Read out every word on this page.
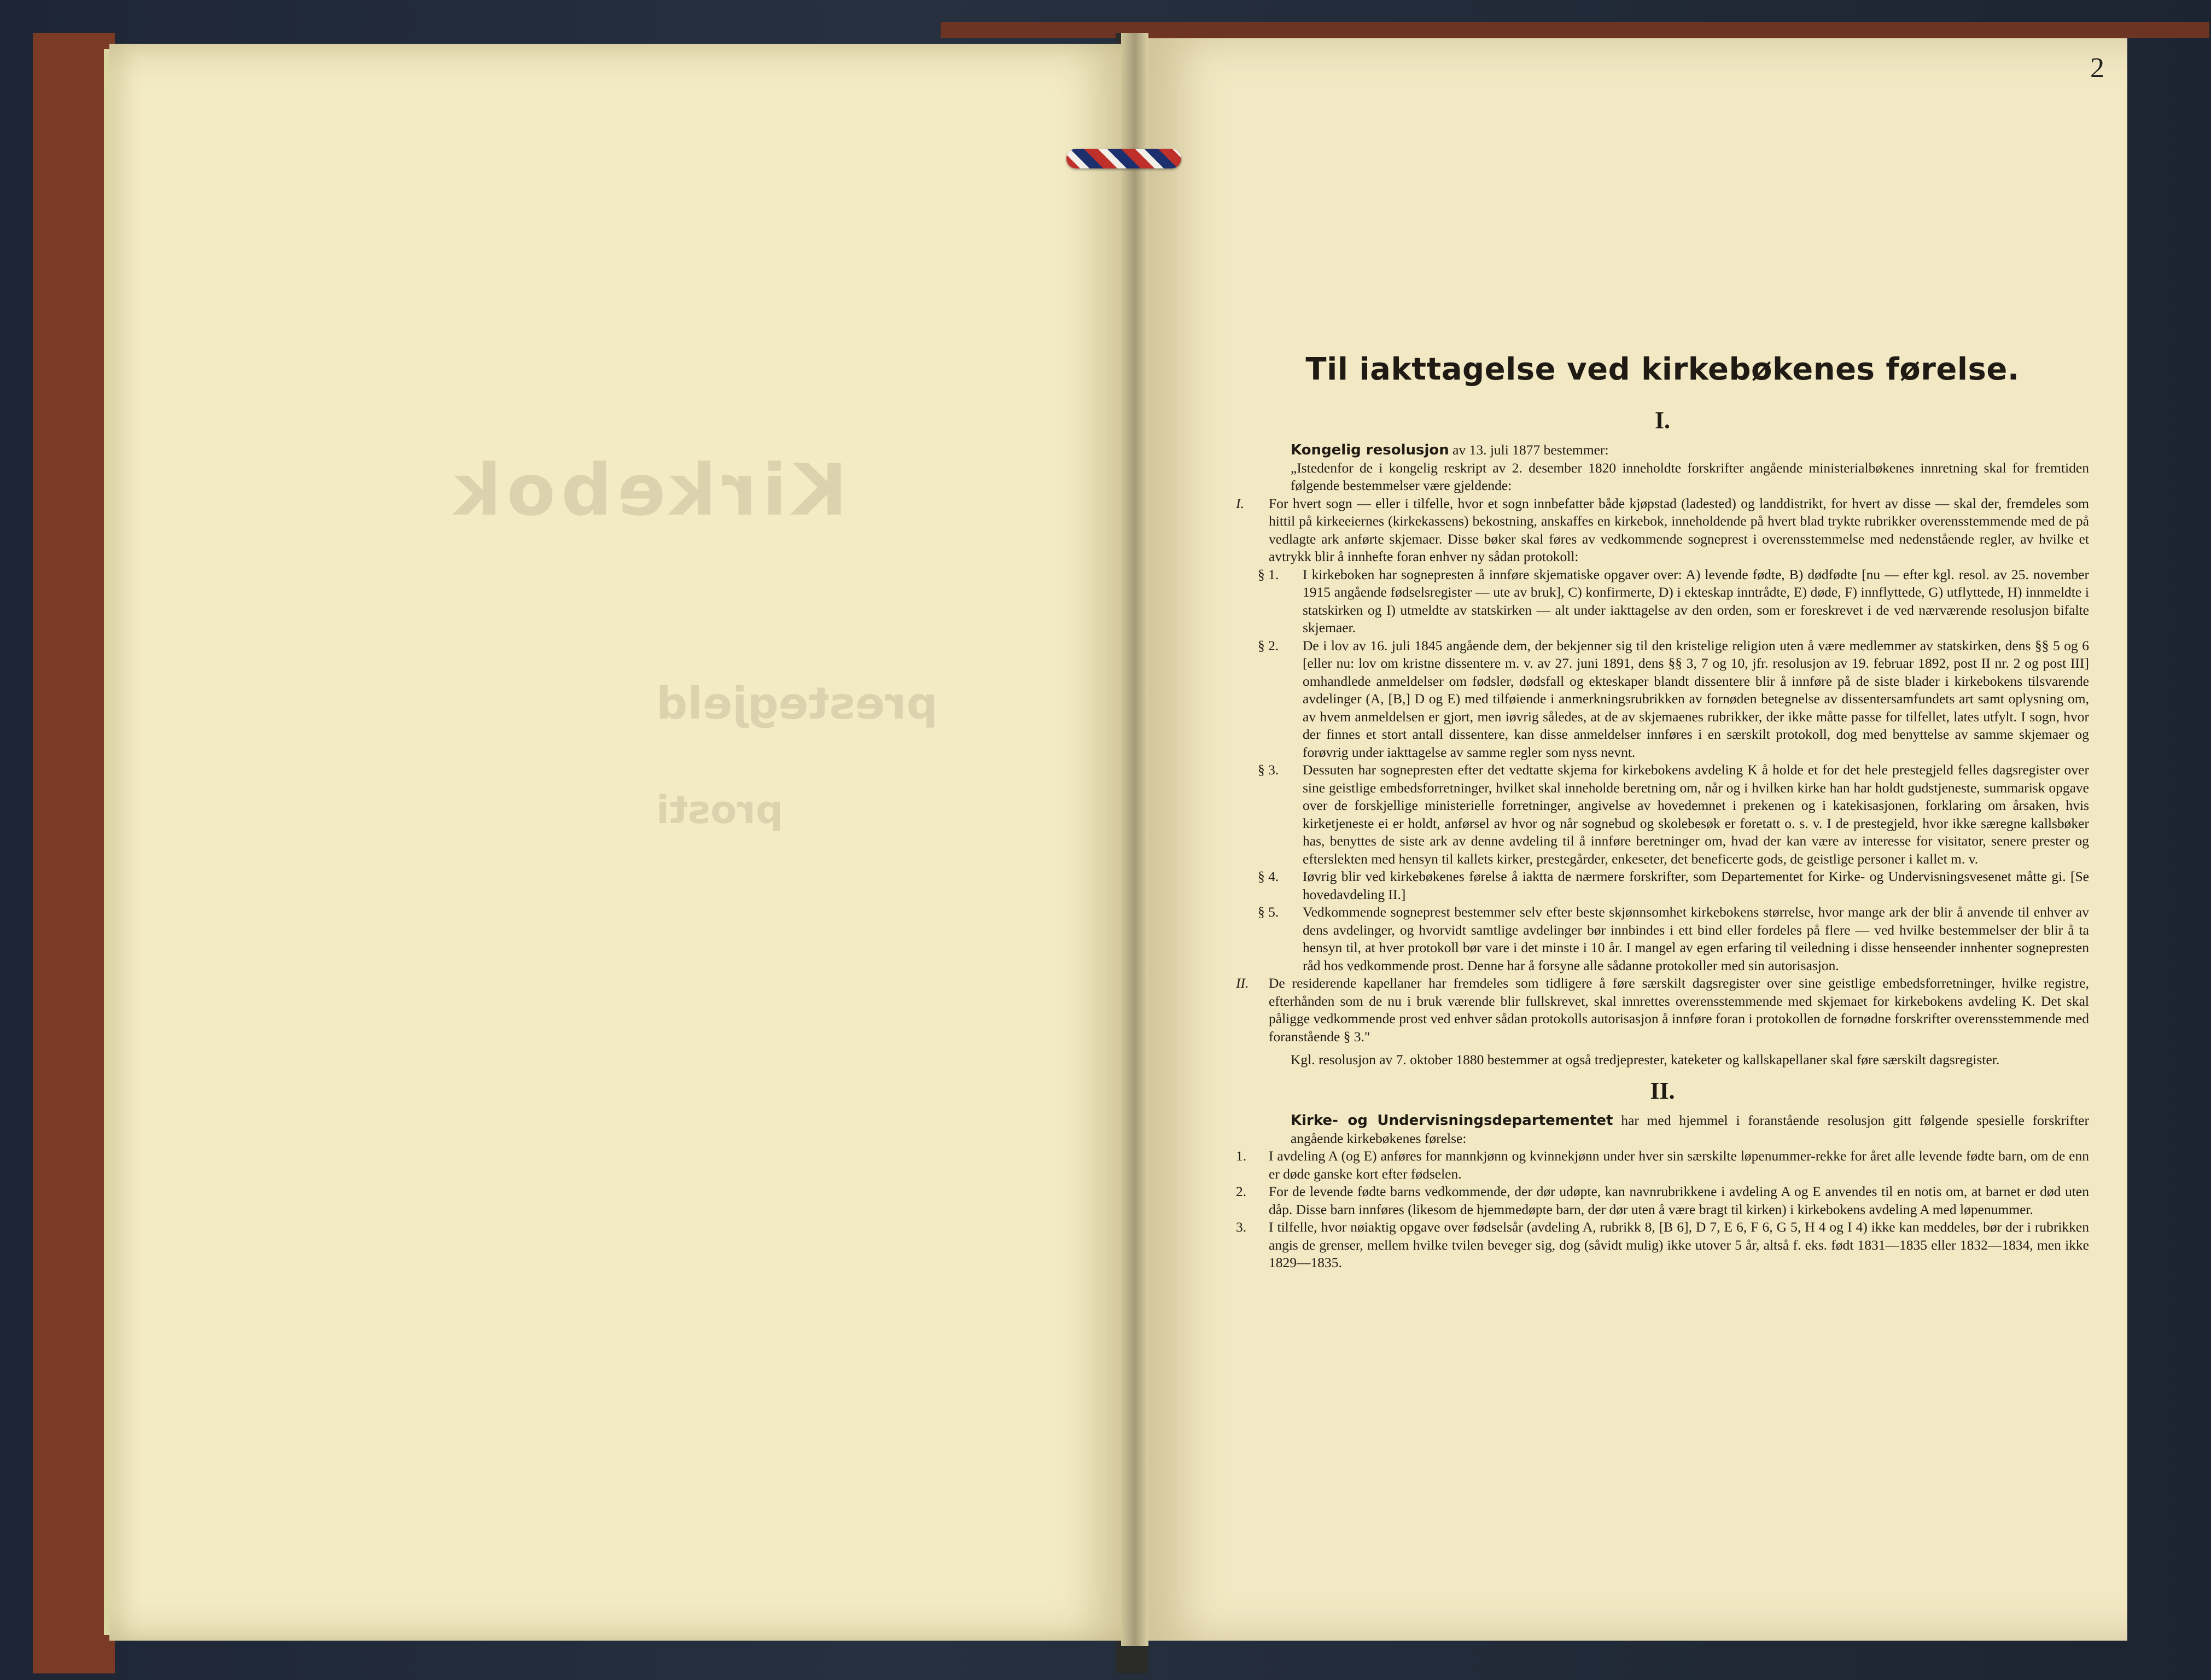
Kirkebok
prestegjeld
prosti
2
Til iakttagelse ved kirkebøkenes førelse.
I.

Kongelig resolusjon av 13. juli 1877 bestemmer:

„Istedenfor de i kongelig reskript av 2. desember 1820 inneholdte forskrifter angående ministerialbøkenes innretning skal for fremtiden følgende bestemmelser være gjeldende:

I.	For hvert sogn — eller i tilfelle, hvor et sogn innbefatter både kjøpstad (ladested) og landdistrikt, for hvert av disse — skal der, fremdeles som hittil på kirkeeiernes (kirkekassens) bekostning, anskaffes en kirkebok, inneholdende på hvert blad trykte rubrikker overensstemmende med de på vedlagte ark anførte skjemaer. Disse bøker skal føres av vedkommende sogneprest i overensstemmelse med nedenstående regler, av hvilke et avtrykk blir å innhefte foran enhver ny sådan protokoll:
§ 1.	I kirkeboken har sognepresten å innføre skjematiske opgaver over: A) levende fødte, B) dødfødte [nu — efter kgl. resol. av 25. november 1915 angående fødselsregister — ute av bruk], C) konfirmerte, D) i ekteskap inntrådte, E) døde, F) innflyttede, G) utflyttede, H) innmeldte i statskirken og I) utmeldte av statskirken — alt under iakttagelse av den orden, som er foreskrevet i de ved nærværende resolusjon bifalte skjemaer.
§ 2.	De i lov av 16. juli 1845 angående dem, der bekjenner sig til den kristelige religion uten å være medlemmer av statskirken, dens §§ 5 og 6 [eller nu: lov om kristne dissentere m. v. av 27. juni 1891, dens §§ 3, 7 og 10, jfr. resolusjon av 19. februar 1892, post II nr. 2 og post III] omhandlede anmeldelser om fødsler, dødsfall og ekteskaper blandt dissentere blir å innføre på de siste blader i kirkebokens tilsvarende avdelinger (A, [B,] D og E) med tilføiende i anmerkningsrubrikken av fornøden betegnelse av dissentersamfundets art samt oplysning om, av hvem anmeldelsen er gjort, men iøvrig således, at de av skjemaenes rubrikker, der ikke måtte passe for tilfellet, lates utfylt. I sogn, hvor der finnes et stort antall dissentere, kan disse anmeldelser innføres i en særskilt protokoll, dog med benyttelse av samme skjemaer og forøvrig under iakttagelse av samme regler som nyss nevnt.
§ 3.	Dessuten har sognepresten efter det vedtatte skjema for kirkebokens avdeling K å holde et for det hele prestegjeld felles dagsregister over sine geistlige embedsforretninger, hvilket skal inneholde beretning om, når og i hvilken kirke han har holdt gudstjeneste, summarisk opgave over de forskjellige ministerielle forretninger, angivelse av hovedemnet i prekenen og i katekisasjonen, forklaring om årsaken, hvis kirketjeneste ei er holdt, anførsel av hvor og når sognebud og skolebesøk er foretatt o. s. v. I de prestegjeld, hvor ikke særegne kallsbøker has, benyttes de siste ark av denne avdeling til å innføre beretninger om, hvad der kan være av interesse for visitator, senere prester og efterslekten med hensyn til kallets kirker, prestegårder, enkeseter, det beneficerte gods, de geistlige personer i kallet m. v.
§ 4.	Iøvrig blir ved kirkebøkenes førelse å iaktta de nærmere forskrifter, som Departementet for Kirke- og Undervisningsvesenet måtte gi. [Se hovedavdeling II.]
§ 5.	Vedkommende sogneprest bestemmer selv efter beste skjønnsomhet kirkebokens størrelse, hvor mange ark der blir å anvende til enhver av dens avdelinger, og hvorvidt samtlige avdelinger bør innbindes i ett bind eller fordeles på flere — ved hvilke bestemmelser der blir å ta hensyn til, at hver protokoll bør vare i det minste i 10 år. I mangel av egen erfaring til veiledning i disse henseender innhenter sognepresten råd hos vedkommende prost. Denne har å forsyne alle sådanne protokoller med sin autorisasjon.
II.	De residerende kapellaner har fremdeles som tidligere å føre særskilt dagsregister over sine geistlige embedsforretninger, hvilke registre, efterhånden som de nu i bruk værende blir fullskrevet, skal innrettes overensstemmende med skjemaet for kirkebokens avdeling K. Det skal påligge vedkommende prost ved enhver sådan protokolls autorisasjon å innføre foran i protokollen de fornødne forskrifter overensstemmende med foranstående § 3."

Kgl. resolusjon av 7. oktober 1880 bestemmer at også tredjeprester, kateketer og kallskapellaner skal føre særskilt dagsregister.

II.

Kirke- og Undervisningsdepartementet har med hjemmel i foranstående resolusjon gitt følgende spesielle forskrifter angående kirkebøkenes førelse:

1.	I avdeling A (og E) anføres for mannkjønn og kvinnekjønn under hver sin særskilte løpenummer-rekke for året alle levende fødte barn, om de enn er døde ganske kort efter fødselen.
2.	For de levende fødte barns vedkommende, der dør udøpte, kan navnrubrikkene i avdeling A og E anvendes til en notis om, at barnet er død uten dåp. Disse barn innføres (likesom de hjemmedøpte barn, der dør uten å være bragt til kirken) i kirkebokens avdeling A med løpenummer.
3.	I tilfelle, hvor nøiaktig opgave over fødselsår (avdeling A, rubrikk 8, [B 6], D 7, E 6, F 6, G 5, H 4 og I 4) ikke kan meddeles, bør der i rubrikken angis de grenser, mellem hvilke tvilen beveger sig, dog (såvidt mulig) ikke utover 5 år, altså f. eks. født 1831—1835 eller 1832—1834, men ikke 1829—1835.
